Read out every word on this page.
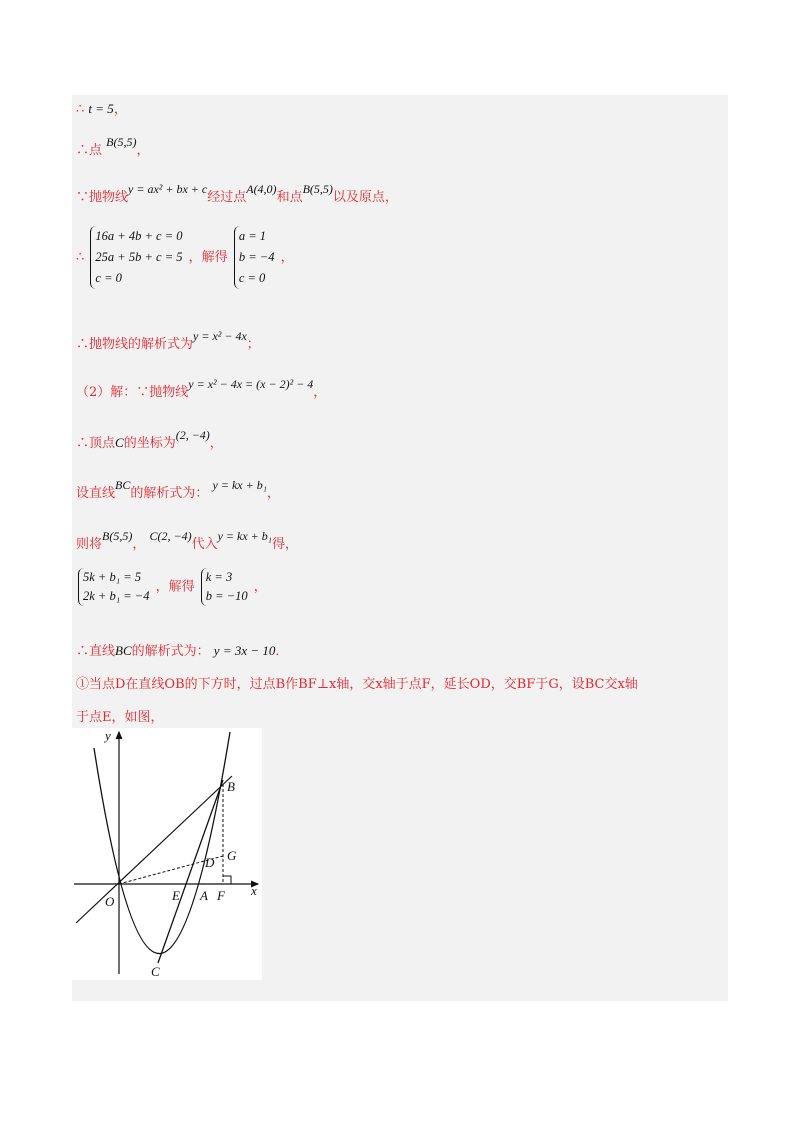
∴ t = 5，
∴点 B(5,5)，
∵抛物线y = ax² + bx + c经过点A(4,0)和点B(5,5)以及原点，
∴
16a + 4b + c = 0
25a + 5b + c = 5
c = 0
，解得
a = 1
b = −4
c = 0
，
∴抛物线的解析式为y = x² − 4x；
（2）解：∵抛物线y = x² − 4x = (x − 2)² − 4，
∴顶点C的坐标为(2, −4)，
设直线BC的解析式为： y = kx + b₁，
则将B(5,5)， C(2, −4)代入y = kx + b₁得，
5k + b₁ = 5
2k + b₁ = −4
，解得
k = 3
b = −10
，
∴直线BC的解析式为： y = 3x − 10．
①当点D在直线OB的下方时，过点B作BF⊥x轴，交x轴于点F，延长OD，交BF于G，设BC交x轴
于点E，如图，
y
x
O
B
G
D
E A F
C
